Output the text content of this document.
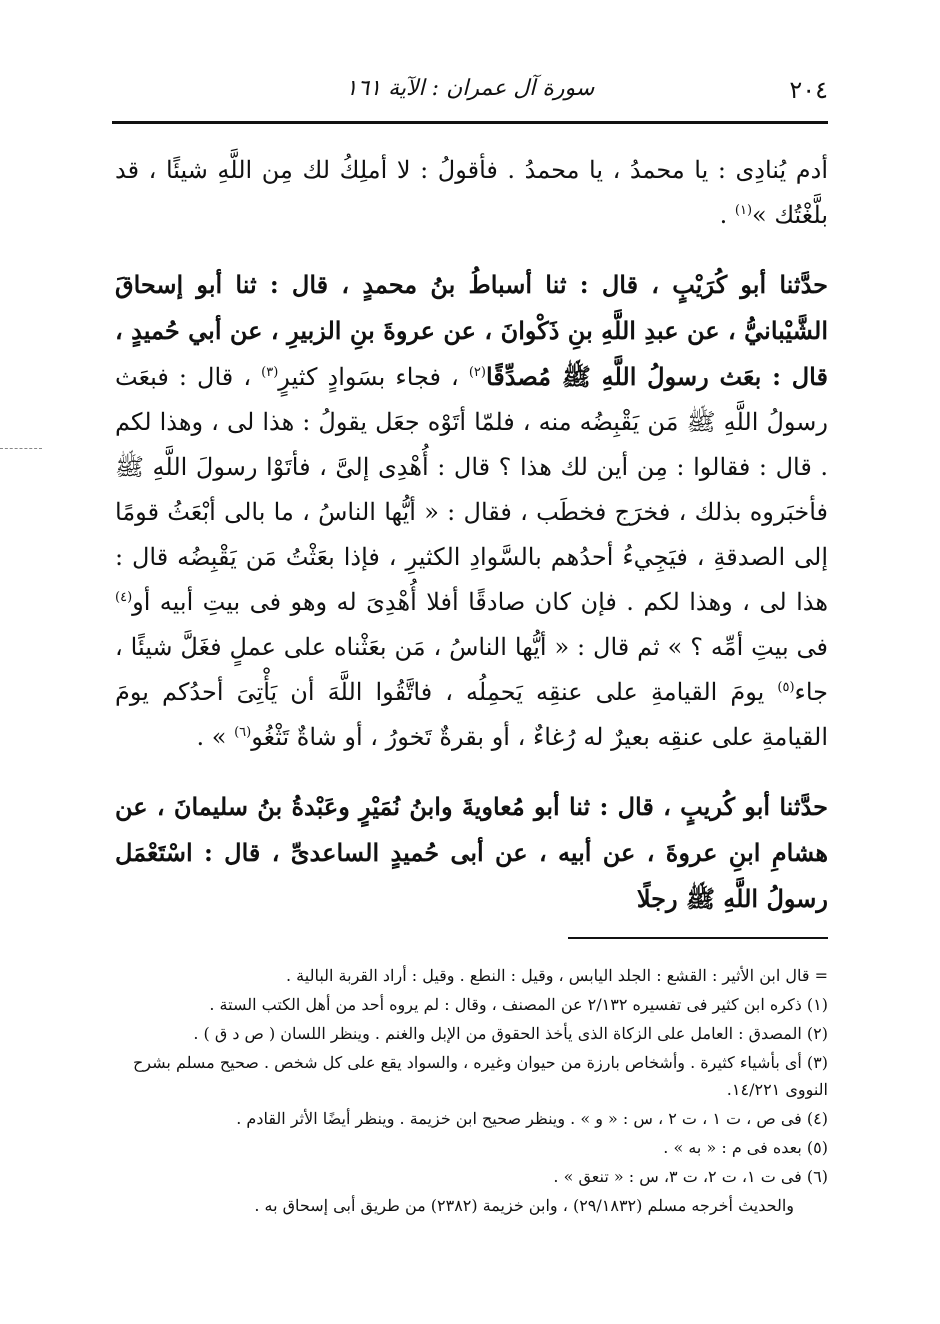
٢٠٤
سورة آل عمران : الآية ١٦١

أدم يُنادِى : يا محمدُ ، يا محمدُ . فأقولُ : لا أملِكُ لك مِن اللَّهِ شيئًا ، قد بلَّغْتُك »$^{(١)}$ .

حدَّثنا أبو كُرَيْبٍ ، قال : ثنا أسباطُ بنُ محمدٍ ، قال : ثنا أبو إسحاقَ الشَّيْبانيُّ ، عن عبدِ اللَّهِ بنِ ذَكْوانَ ، عن عروةَ بنِ الزبيرِ ، عن أبي حُميدٍ ، قال : بعَث رسولُ اللَّهِ ﷺ مُصدِّقًا$^{(٢)}$ ، فجاء بسَوادٍ كثيرٍ$^{(٣)}$ ، قال : فبعَث رسولُ اللَّهِ ﷺ مَن يَقْبِضُه منه ، فلمّا أتَوْه جعَل يقولُ : هذا لى ، وهذا لكم . قال : فقالوا : مِن أين لك هذا ؟ قال : أُهْدِى إلىَّ ، فأتَوْا رسولَ اللَّهِ ﷺ فأخبَروه بذلك ، فخرَج فخطَب ، فقال : « أيُّها الناسُ ، ما بالى أبْعَثُ قومًا إلى الصدقةِ ، فيَجِيءُ أحدُهم بالسَّوادِ الكثيرِ ، فإذا بعَثْتُ مَن يَقْبِضُه قال : هذا لى ، وهذا لكم . فإن كان صادقًا أفلا أُهْدِىَ له وهو فى بيتِ أبيه أو$^{(٤)}$ فى بيتِ أمِّه ؟ » ثم قال : « أيُّها الناسُ ، مَن بعَثْناه على عملٍ فغَلَّ شيئًا ، جاء$^{(٥)}$ يومَ القيامةِ على عنقِه يَحمِلُه ، فاتَّقُوا اللَّهَ أن يَأْتِىَ أحدُكم يومَ القيامةِ على عنقِه بعيرٌ له رُغاءٌ ، أو بقرةٌ تَخورُ ، أو شاةٌ تَثْغُو$^{(٦)}$ » .

حدَّثنا أبو كُريبٍ ، قال : ثنا أبو مُعاويةَ وابنُ نُمَيْرٍ وعَبْدةُ بنُ سليمانَ ، عن هشامِ ابنِ عروةَ ، عن أبيه ، عن أبى حُميدٍ الساعدىِّ ، قال : اسْتَعْمَل رسولُ اللَّهِ ﷺ رجلًا

= قال ابن الأثير : القشع : الجلد اليابس ، وقيل : النطع . وقيل : أراد القربة البالية .

(١) ذكره ابن كثير فى تفسيره ٢/١٣٢ عن المصنف ، وقال : لم يروه أحد من أهل الكتب الستة .

(٢) المصدق : العامل على الزكاة الذى يأخذ الحقوق من الإبل والغنم . وينظر اللسان ( ص د ق ) .

(٣) أى بأشياء كثيرة . وأشخاص بارزة من حيوان وغيره ، والسواد يقع على كل شخص . صحيح مسلم بشرح النووى ١٤/٢٢١.

(٤) فى ص ، ت ١ ، ت ٢ ، س : « و » . وينظر صحيح ابن خزيمة . وينظر أيضًا الأثر القادم .

(٥) بعده فى م : « به » .

(٦) فى ت ١، ت ٢، ت ٣، س : « تنعق » .

والحديث أخرجه مسلم (٢٩/١٨٣٢) ، وابن خزيمة (٢٣٨٢) من طريق أبى إسحاق به .
